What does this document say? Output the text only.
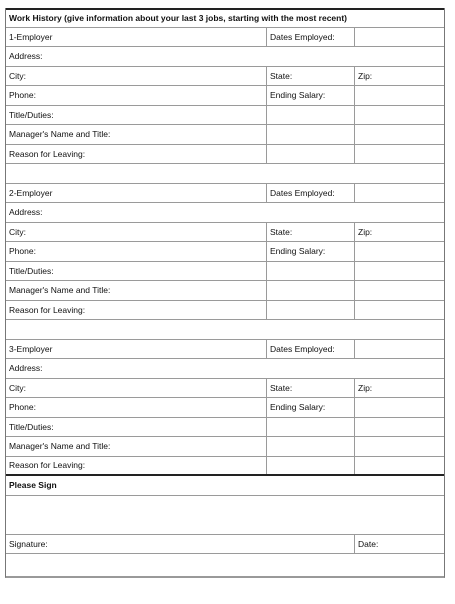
Work History (give information about your last 3 jobs, starting with the most recent)
1-Employer	Dates Employed:
Address:
City:	State:	Zip:
Phone:	Ending Salary:
Title/Duties:
Manager's Name and Title:
Reason for Leaving:
2-Employer	Dates Employed:
Address:
City:	State:	Zip:
Phone:	Ending Salary:
Title/Duties:
Manager's Name and Title:
Reason for Leaving:
3-Employer	Dates Employed:
Address:
City:	State:	Zip:
Phone:	Ending Salary:
Title/Duties:
Manager's Name and Title:
Reason for Leaving:
Please Sign
Signature:	Date:
